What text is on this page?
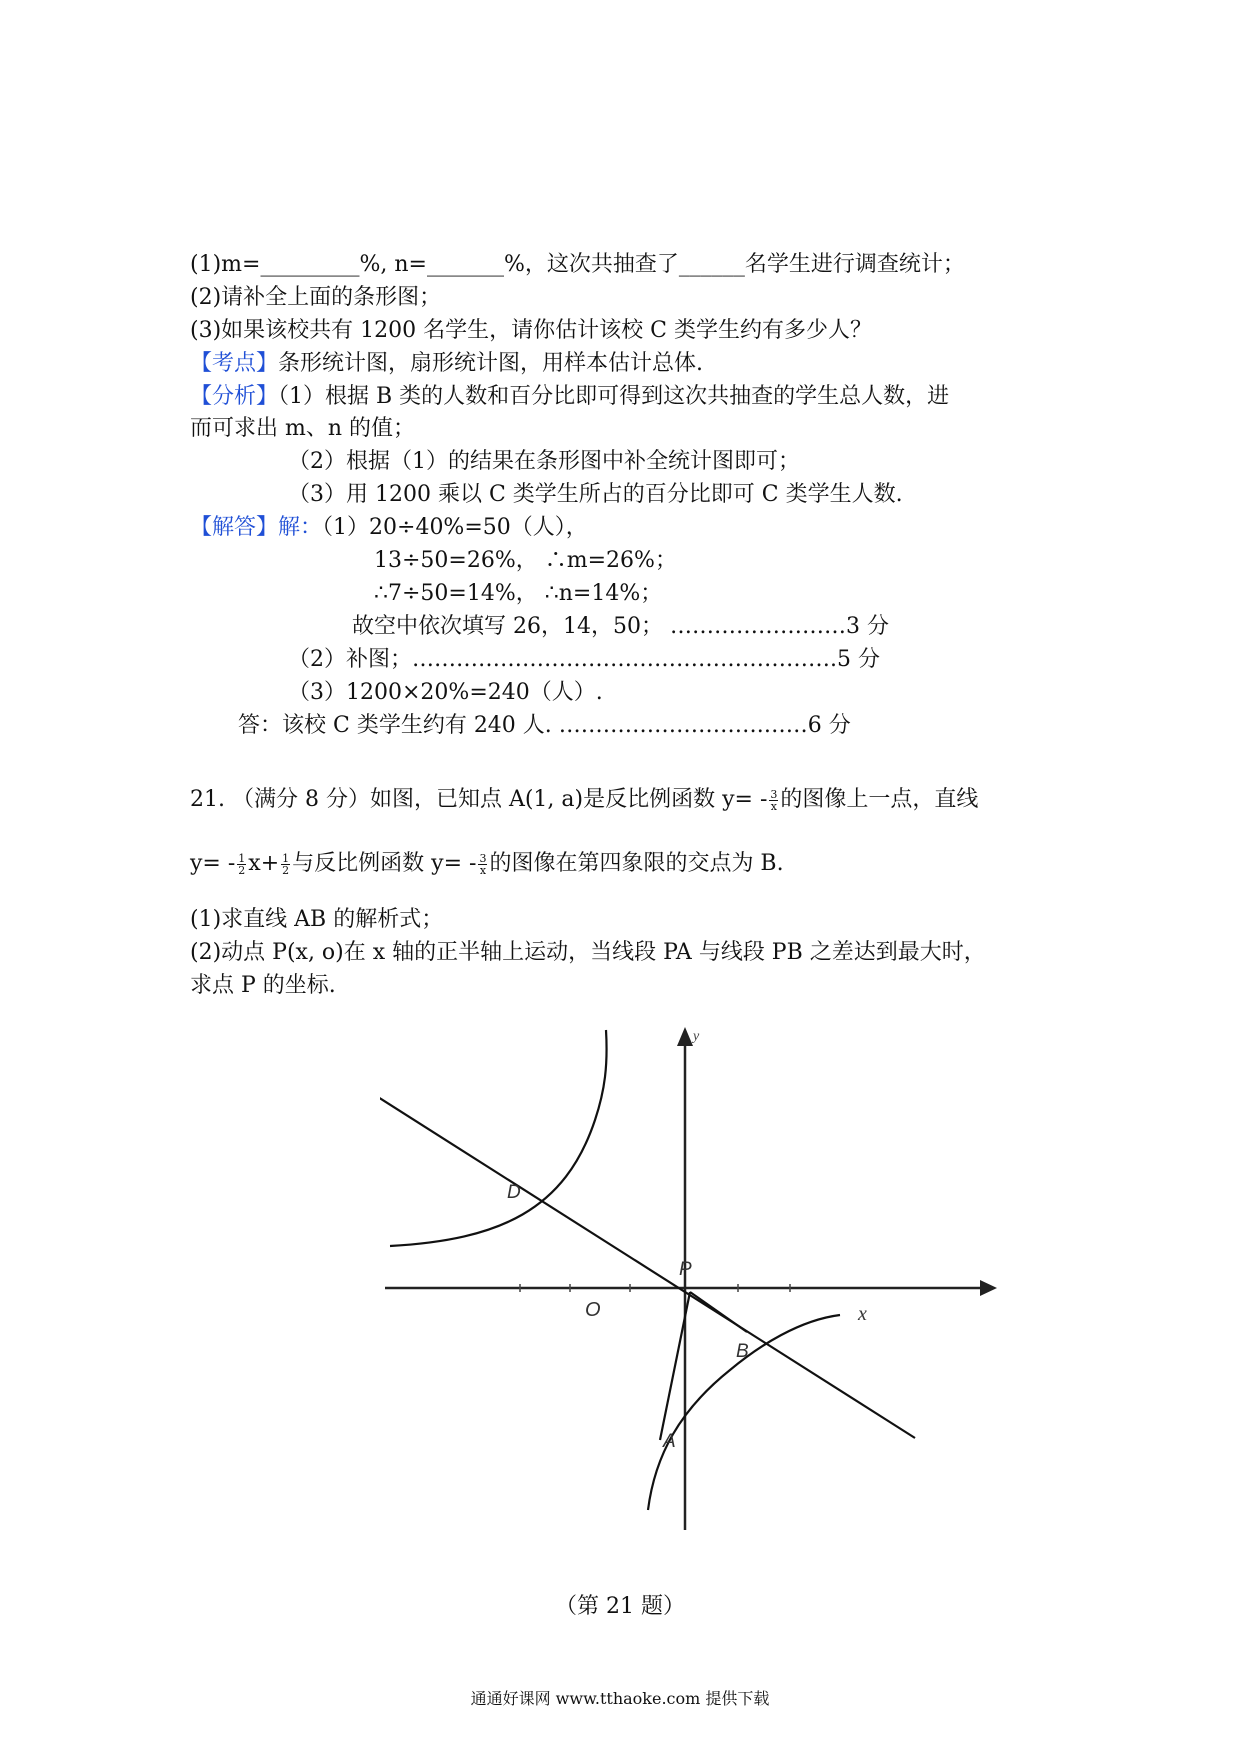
(1)m=_________%, n=_______%，这次共抽查了______名学生进行调查统计；
(2)请补全上面的条形图；
(3)如果该校共有 1200 名学生，请你估计该校 C 类学生约有多少人？
【考点】条形统计图，扇形统计图，用样本估计总体.
【分析】（1）根据 B 类的人数和百分比即可得到这次共抽查的学生总人数，进
而可求出 m、n 的值；
（2）根据（1）的结果在条形图中补全统计图即可；
（3）用 1200 乘以 C 类学生所占的百分比即可 C 类学生人数.
【解答】解：（1）20÷40%=50（人），
13÷50=26%， ∴m=26%；
∴7÷50=14%， ∴n=14%；
故空中依次填写 26，14，50； ……………………3 分
（2）补图；………………………………………………….5 分
（3）1200×20%=240（人）.
答：该校 C 类学生约有 240 人. ……………………….……6 分
21. （满分 8 分）如图，已知点 A(1, a)是反比例函数 $y= - \frac{3}{x}$ 的图像上一点，直线
$y= - \frac{1}{2} x+ \frac{1}{2}$ 与反比例函数 $y= - \frac{3}{x}$ 的图像在第四象限的交点为 B.
(1)求直线 AB 的解析式；
(2)动点 P(x, o)在 x 轴的正半轴上运动，当线段 PA 与线段 PB 之差达到最大时，
求点 P 的坐标.
y
x
O
D
P
B
A
（第 21 题）
通通好课网 www.tthaoke.com 提供下载
